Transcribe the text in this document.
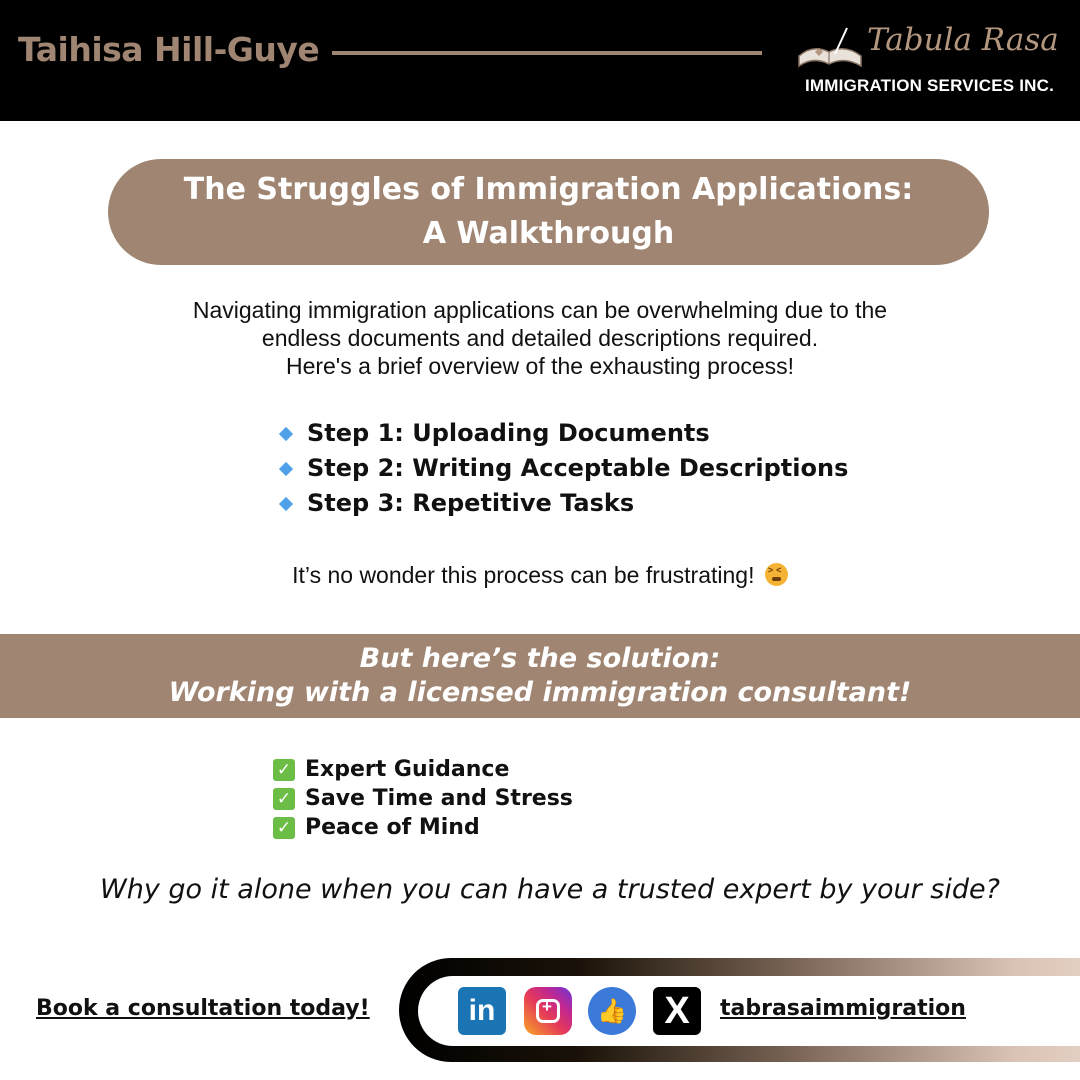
Taihisa Hill-Guye	Tabula Rasa
IMMIGRATION SERVICES INC.
The Struggles of Immigration Applications:
A Walkthrough
Navigating immigration applications can be overwhelming due to the
endless documents and detailed descriptions required.
Here's a brief overview of the exhausting process!
Step 1: Uploading Documents
Step 2: Writing Acceptable Descriptions
Step 3: Repetitive Tasks
It’s no wonder this process can be frustrating! ><
But here’s the solution:
Working with a licensed immigration consultant!
✓ Expert Guidance
✓ Save Time and Stress
✓ Peace of Mind
Why go it alone when you can have a trusted expert by your side?
Book a consultation today!	in
+	👍 X	tabrasaimmigration
